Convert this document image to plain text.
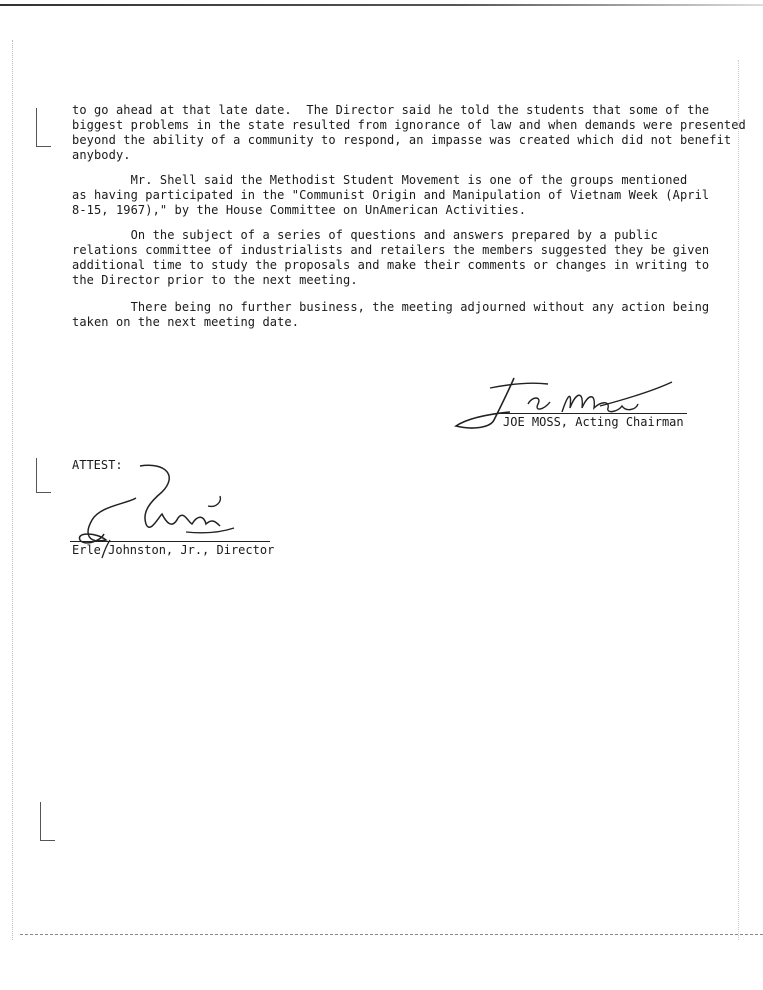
to go ahead at that late date.  The Director said he told the students that some of the
biggest problems in the state resulted from ignorance of law and when demands were presented
beyond the ability of a community to respond, an impasse was created which did not benefit
anybody.
Mr. Shell said the Methodist Student Movement is one of the groups mentioned
as having participated in the "Communist Origin and Manipulation of Vietnam Week (April
8-15, 1967)," by the House Committee on UnAmerican Activities.
On the subject of a series of questions and answers prepared by a public
relations committee of industrialists and retailers the members suggested they be given
additional time to study the proposals and make their comments or changes in writing to
the Director prior to the next meeting.
There being no further business, the meeting adjourned without any action being
taken on the next meeting date.
JOE MOSS, Acting Chairman
ATTEST:
Erle Johnston, Jr., Director
